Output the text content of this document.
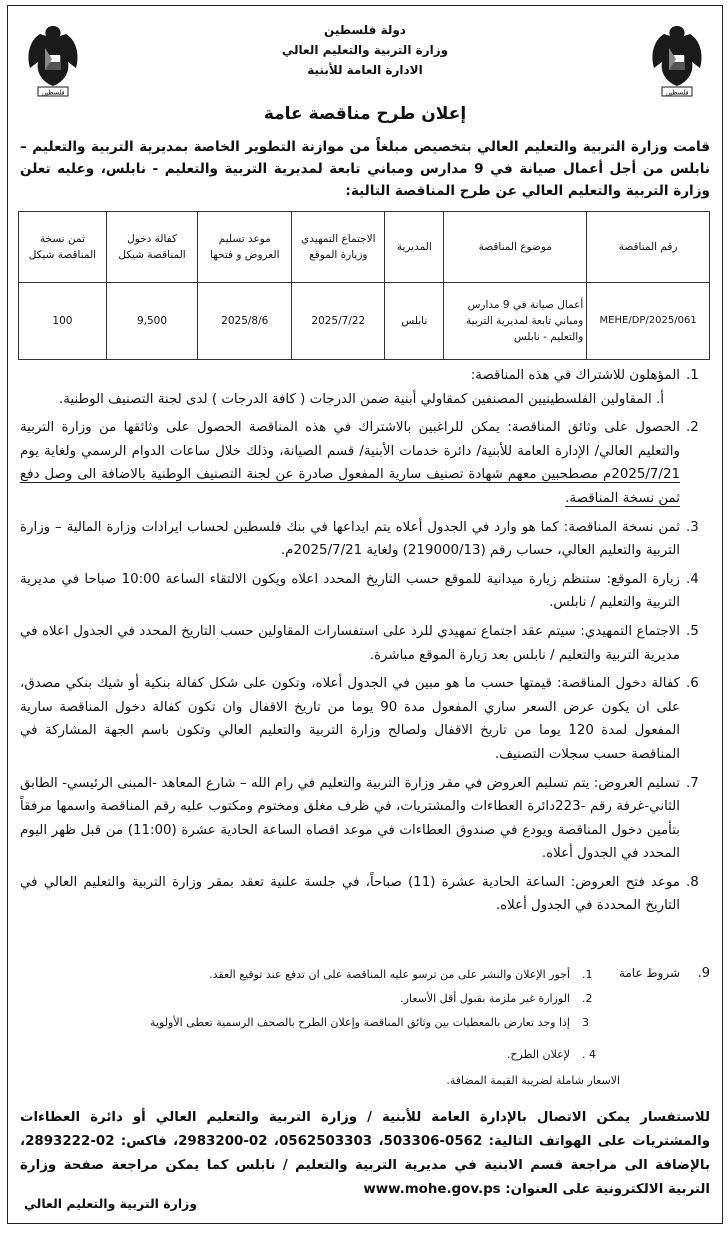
فلسطين
فلسطين
دولة فلسطين
وزارة التربية والتعليم العالي
الادارة العامة للأبنية
إعلان طرح مناقصة عامة
قامت وزارة التربية والتعليم العالي بتخصيص مبلغاً من موازنة التطوير الخاصة بمديرية التربية والتعليم – نابلس من أجل أعمال صيانة في 9 مدارس ومباني تابعة لمديرية التربية والتعليم - نابلس، وعليه تعلن وزارة التربية والتعليم العالي عن طرح المناقصة التالية:
رقم المناقصة	موضوع المناقصة	المديرية	الاجتماع التمهيدي وزيارة الموقع	موعد تسليم العروض و فتحها	كفالة دخول المناقصة شيكل	ثمن نسخة المناقصة شيكل
MEHE/DP/2025/061	أعمال صيانة في 9 مدارس ومباني تابعة لمديرية التربية والتعليم - نابلس	نابلس	2025/7/22	2025/8/6	9,500	100
1.
المؤهلون للاشتراك في هذه المناقصة:
أ. المقاولين الفلسطينيين المصنفين كمقاولي أبنية ضمن الدرجات ( كافة الدرجات ) لدى لجنة التصنيف الوطنية.
2.
الحصول على وثائق المناقصة: يمكن للراغبين بالاشتراك في هذه المناقصة الحصول على وثائقها من وزارة التربية والتعليم العالي/ الإدارة العامة للأبنية/ دائرة خدمات الأبنية/ قسم الصيانة، وذلك خلال ساعات الدوام الرسمي ولغاية يوم 2025/7/21م مصطحبين معهم شهادة تصنيف سارية المفعول صادرة عن لجنة التصنيف الوطنية بالاضافة الى وصل دفع ثمن نسخة المناقصة.
3.
ثمن نسخة المناقصة: كما هو وارد في الجدول أعلاه يتم ايداعها في بنك فلسطين لحساب ايرادات وزارة المالية – وزارة التربية والتعليم العالي، حساب رقم (219000/13) ولغاية 2025/7/21م.
4.
زيارة الموقع: ستنظم زيارة ميدانية للموقع حسب التاريخ المحدد اعلاه ويكون الالتقاء الساعة 10:00 صباحا في مديرية التربية والتعليم / نابلس.
5.
الاجتماع التمهيدي: سيتم عقد اجتماع تمهيدي للرد على استفسارات المقاولين حسب التاريخ المحدد في الجدول اعلاه في مديرية التربية والتعليم / نابلس بعد زيارة الموقع مباشرة.
6.
كفالة دخول المناقصة: قيمتها حسب ما هو مبين في الجدول أعلاه، وتكون على شكل كفالة بنكية أو شيك بنكي مصدق، على ان يكون عرض السعر ساري المفعول مدة 90 يوما من تاريخ الاقفال وان تكون كفالة دخول المناقصة سارية المفعول لمدة 120 يوما من تاريخ الاقفال ولصالح وزارة التربية والتعليم العالي وتكون باسم الجهة المشاركة في المناقصة حسب سجلات التصنيف.
7.
تسليم العروض: يتم تسليم العروض في مقر وزارة التربية والتعليم في رام الله – شارع المعاهد -المبنى الرئيسي- الطابق الثاني-غرفة رقم -223دائرة العطاءات والمشتريات، في ظرف مغلق ومختوم ومكتوب عليه رقم المناقصة واسمها مرفقاً بتأمين دخول المناقصة ويودع في صندوق العطاءات في موعد اقصاه الساعة الحادية عشرة (11:00) من قبل ظهر اليوم المحدد في الجدول أعلاه.
8.
موعد فتح العروض: الساعة الحادية عشرة (11) صباحاً، في جلسة علنية تعقد بمقر وزارة التربية والتعليم العالي في التاريخ المحددة في الجدول أعلاه.
9.
شروط عامة
1.
أجور الإعلان والنشر على من ترسو عليه المناقصة على ان تدفع عند توقيع العقد.
2.
الوزارة غير ملزمة بقبول أقل الأسعار.
3
إذا وجد تعارض بالمعطيات بين وثائق المناقصة وإعلان الطرح بالصحف الرسمية تعطى الأولوية
4 .
لإعلان الطرح.
الاسعار شاملة لضريبة القيمة المضافة.
للاستفسار يمكن الاتصال بالإدارة العامة للأبنية / وزارة التربية والتعليم العالي أو دائرة العطاءات والمشتريات على الهواتف التالية: 0562-503306، 0562503303، 02-2983200، فاكس: 02-2893222، بالإضافة الى مراجعة قسم الابنية في مديرية التربية والتعليم / نابلس كما يمكن مراجعة صفحة وزارة التربية الالكترونية على العنوان: www.mohe.gov.ps
وزارة التربية والتعليم العالي
